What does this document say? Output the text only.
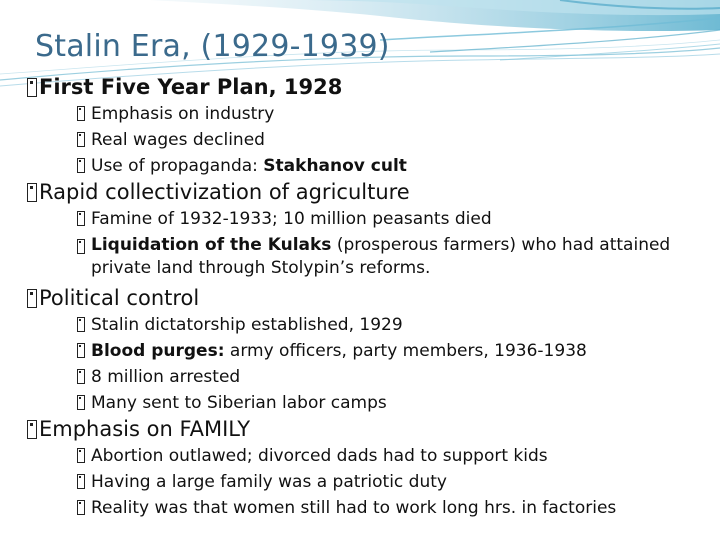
Stalin Era, (1929-1939)
First Five Year Plan, 1928
Emphasis on industry
Real wages declined
Use of propaganda: Stakhanov cult
Rapid collectivization of agriculture
Famine of 1932-1933; 10 million peasants died
Liquidation of the Kulaks (prosperous farmers) who had attained private land through Stolypin’s reforms.
Political control
Stalin dictatorship established, 1929
Blood purges: army officers, party members, 1936-1938
8 million arrested
Many sent to Siberian labor camps
Emphasis on FAMILY
Abortion outlawed; divorced dads had to support kids
Having a large family was a patriotic duty
Reality was that women still had to work long hrs. in factories
